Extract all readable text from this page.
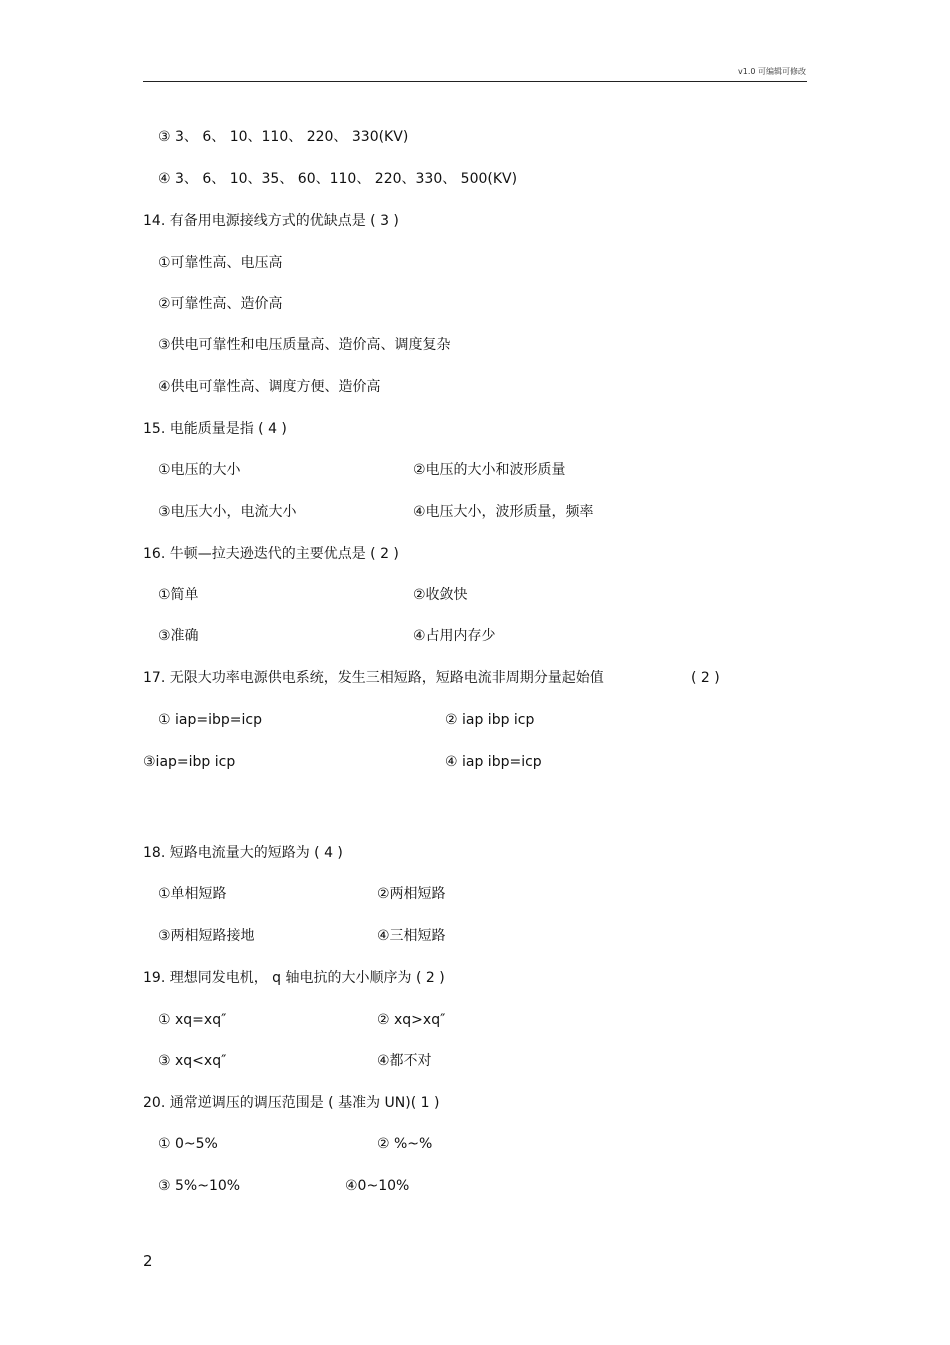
v1.0 可编辑可修改
③ 3、 6、 10、110、 220、 330(KV)
④ 3、 6、 10、35、 60、110、 220、330、 500(KV)
14. 有备用电源接线方式的优缺点是 ( 3 )
①可靠性高、电压高
②可靠性高、造价高
③供电可靠性和电压质量高、造价高、调度复杂
④供电可靠性高、调度方便、造价高
15. 电能质量是指 ( 4 )
①电压的大小	②电压的大小和波形质量
③电压大小，电流大小	④电压大小，波形质量，频率
16. 牛顿—拉夫逊迭代的主要优点是 ( 2 )
①简单	②收敛快
③准确	④占用内存少
17. 无限大功率电源供电系统，发生三相短路，短路电流非周期分量起始值	( 2 )
① iap=ibp=icp	② iap ibp icp
③iap=ibp icp	④ iap ibp=icp
18. 短路电流量大的短路为 ( 4 )
①单相短路	②两相短路
③两相短路接地	④三相短路
19. 理想同发电机， q 轴电抗的大小顺序为 ( 2 )
① xq=xq″	② xq>xq″
③ xq<xq″	④都不对
20. 通常逆调压的调压范围是 ( 基准为 UN)( 1 )
① 0~5%	② %~%
③ 5%~10%	④0~10%
2
